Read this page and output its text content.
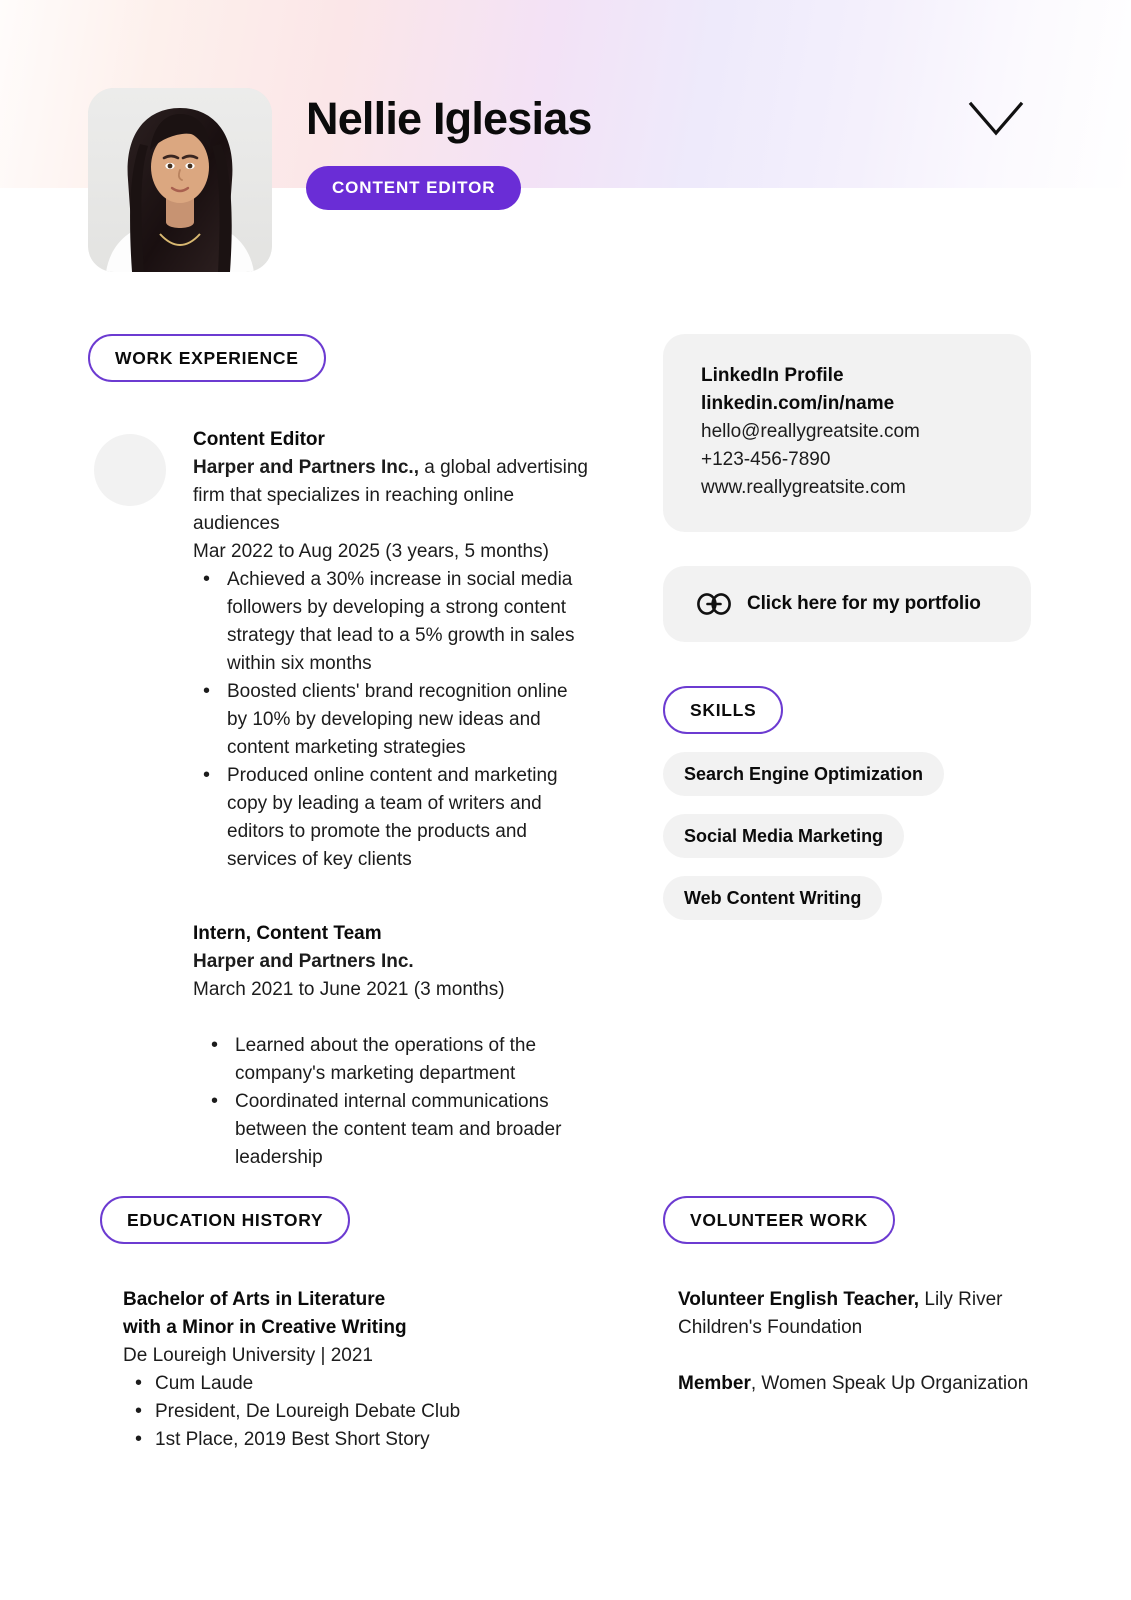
Nellie Iglesias
CONTENT EDITOR
WORK EXPERIENCE
Content Editor
Harper and Partners Inc., a global advertising firm that specializes in reaching online audiences
Mar 2022 to Aug 2025 (3 years, 5 months)
• Achieved a 30% increase in social media followers by developing a strong content strategy that lead to a 5% growth in sales within six months
• Boosted clients' brand recognition online by 10% by developing new ideas and content marketing strategies
• Produced online content and marketing copy by leading a team of writers and editors to promote the products and services of key clients
Intern, Content Team
Harper and Partners Inc.
March 2021 to June 2021 (3 months)
• Learned about the operations of the company's marketing department
• Coordinated internal communications between the content team and broader leadership
LinkedIn Profile
linkedin.com/in/name
hello@reallygreatsite.com
+123-456-7890
www.reallygreatsite.com
Click here for my portfolio
SKILLS
Search Engine Optimization
Social Media Marketing
Web Content Writing
EDUCATION HISTORY
Bachelor of Arts in Literature
with a Minor in Creative Writing
De Loureigh University | 2021
• Cum Laude
• President, De Loureigh Debate Club
• 1st Place, 2019 Best Short Story
VOLUNTEER WORK
Volunteer English Teacher, Lily River Children's Foundation
Member, Women Speak Up Organization
